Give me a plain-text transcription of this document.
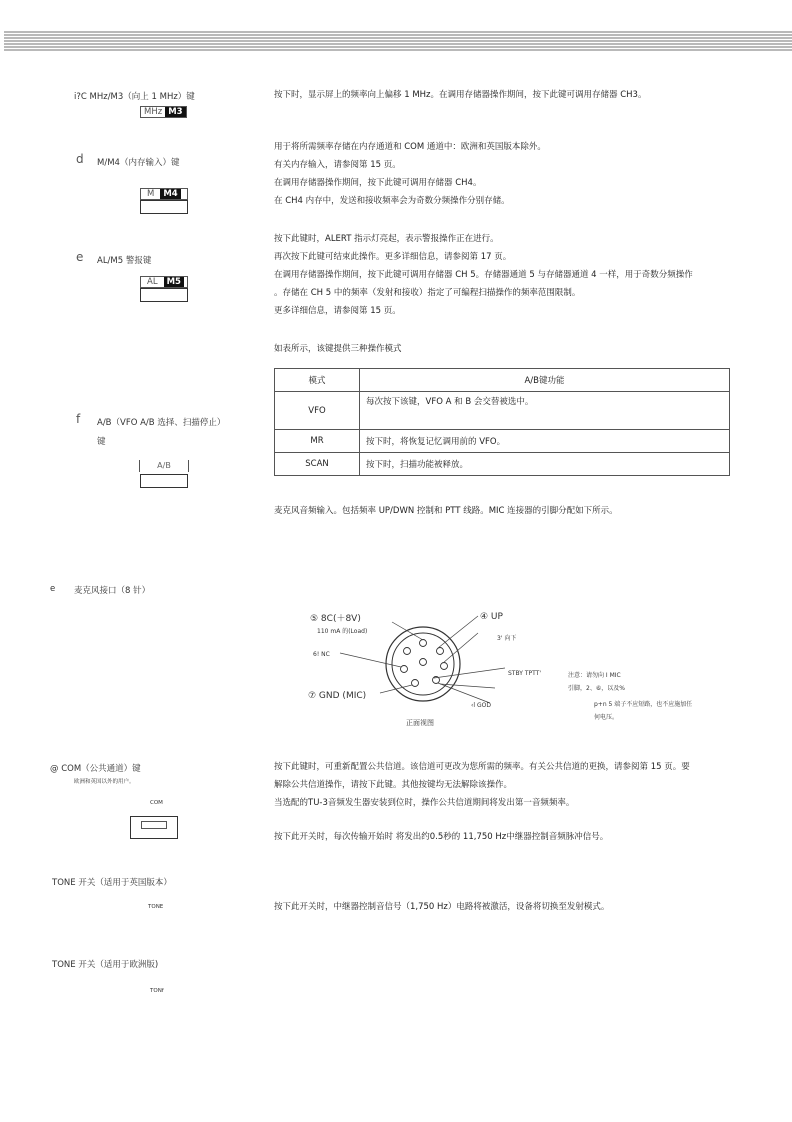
i?C MHz/M3（向上 1 MHz）键
MHz M3
按下时，显示屏上的频率向上偏移 1 MHz。在调用存储器操作期间，按下此键可调用存储器 CH3。
d M/M4（内存输入）键
M M4
用于将所需频率存储在内存通道和 COM 通道中：欧洲和英国版本除外。
有关内存输入，请参阅第 15 页。
在调用存储器操作期间，按下此键可调用存储器 CH4。
在 CH4 内存中，发送和接收频率会为奇数分频操作分别存储。
e AL/M5 警报键
AL M5
按下此键时，ALERT 指示灯亮起，表示警报操作正在进行。
再次按下此键可结束此操作。更多详细信息，请参阅第 17 页。
在调用存储器操作期间，按下此键可调用存储器 CH 5。存储器通道 5 与存储器通道 4 一样，用于奇数分频操作
。存储在 CH 5 中的频率（发射和接收）指定了可编程扫描操作的频率范围限制。
更多详细信息，请参阅第 15 页。
如表所示，该键提供三种操作模式
模式	A/B键功能
VFO	每次按下该键，VFO A 和 B 会交替被选中。
MR	按下时，将恢复记忆调用前的 VFO。
SCAN	按下时，扫描功能被释放。
f A/B（VFO A/B 选择、扫描停止）
键
A/B
麦克风音频输入。包括频率 UP/DWN 控制和 PTT 线路。MIC 连接器的引脚分配如下所示。
e 麦克风接口（8 针）
⑤ 8C(＋8V)
110 mA 的(Load)
④ UP
3' 向下
6! NC
STBY TPTT'
⑦ GND (MIC)
‹l GOD
正面视图
注意：请勿向 I MIC
引脚，2、⑥，以及%
p+n 5 端子不应短路，也不应施加任
何电压。
@ COM（公共通道）键
欧洲和英国以外的用户。
COM
按下此键时，可重新配置公共信道。该信道可更改为您所需的频率。有关公共信道的更换，请参阅第 15 页。要
解除公共信道操作，请按下此键。其他按键均无法解除该操作。
当选配的TU-3音频发生器安装到位时，操作公共信道期间将发出第一音频频率。
按下此开关时，每次传输开始时 将发出约0.5秒的 11,750 Hz中继器控制音频脉冲信号。
TONE 开关（适用于英国版本）
TONE	按下此开关时，中继器控制音信号（1,750 Hz）电路将被激活，设备将切换至发射模式。
TONE 开关（适用于欧洲版)
TONf
